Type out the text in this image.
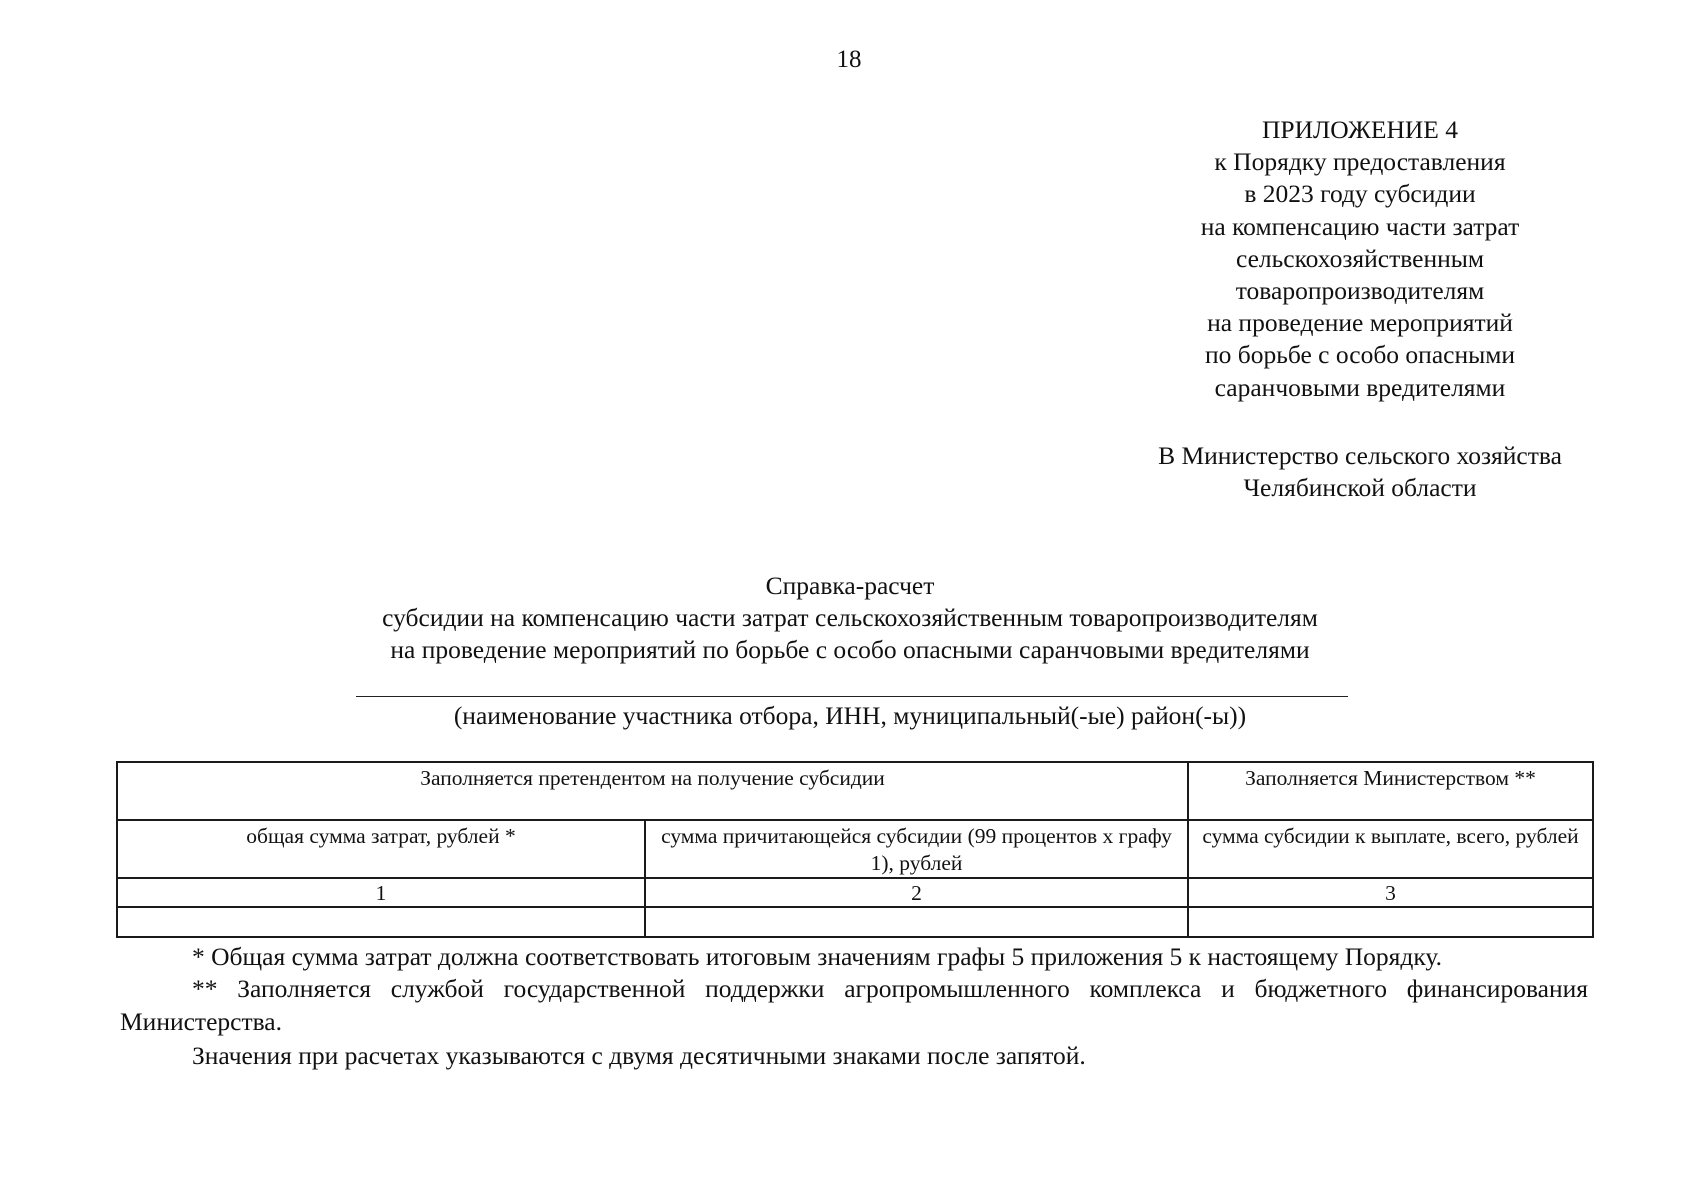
18
ПРИЛОЖЕНИЕ 4
к Порядку предоставления
в 2023 году субсидии
на компенсацию части затрат
сельскохозяйственным
товаропроизводителям
на проведение мероприятий
по борьбе с особо опасными
саранчовыми вредителями
В Министерство сельского хозяйства
Челябинской области
Справка-расчет
субсидии на компенсацию части затрат сельскохозяйственным товаропроизводителям
на проведение мероприятий по борьбе с особо опасными саранчовыми вредителями
(наименование участника отбора, ИНН, муниципальный(-ые) район(-ы))
Заполняется претендентом на получение субсидии		Заполняется Министерством **
общая сумма затрат, рублей *	сумма причитающейся субсидии (99 процентов х графу 1), рублей	сумма субсидии к выплате, всего, рублей
1	2	3

* Общая сумма затрат должна соответствовать итоговым значениям графы 5 приложения 5 к настоящему Порядку.

** Заполняется службой государственной поддержки агропромышленного комплекса и бюджетного финансирования Министерства.

Значения при расчетах указываются с двумя десятичными знаками после запятой.
